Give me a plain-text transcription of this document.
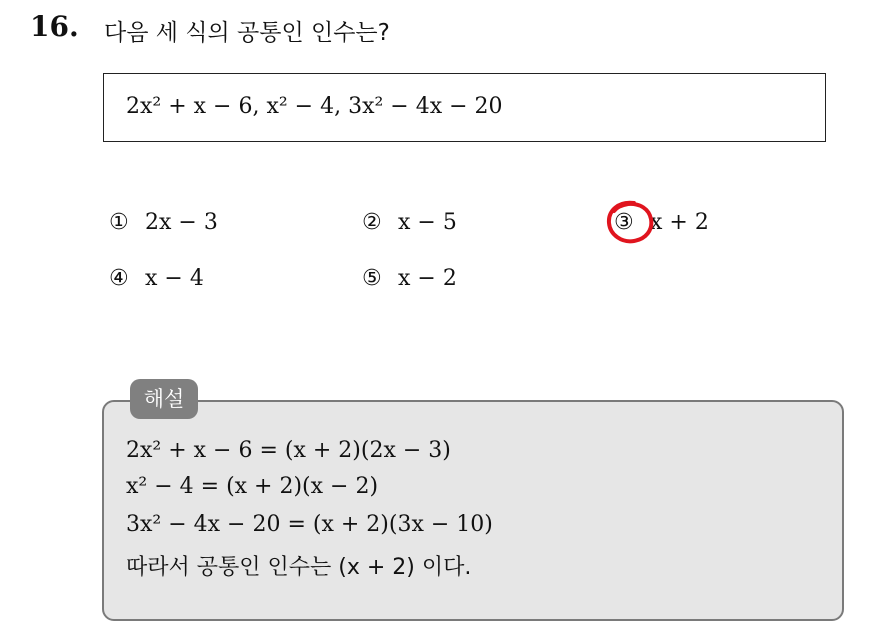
16. 다음 세 식의 공통인 인수는?
2x² + x − 6, x² − 4, 3x² − 4x − 20
① 2x − 3	② x − 5	③ x + 2
④ x − 4	⑤ x − 2
해설
2x² + x − 6 = (x + 2)(2x − 3)
x² − 4 = (x + 2)(x − 2)
3x² − 4x − 20 = (x + 2)(3x − 10)
따라서 공통인 인수는 (x + 2) 이다.
